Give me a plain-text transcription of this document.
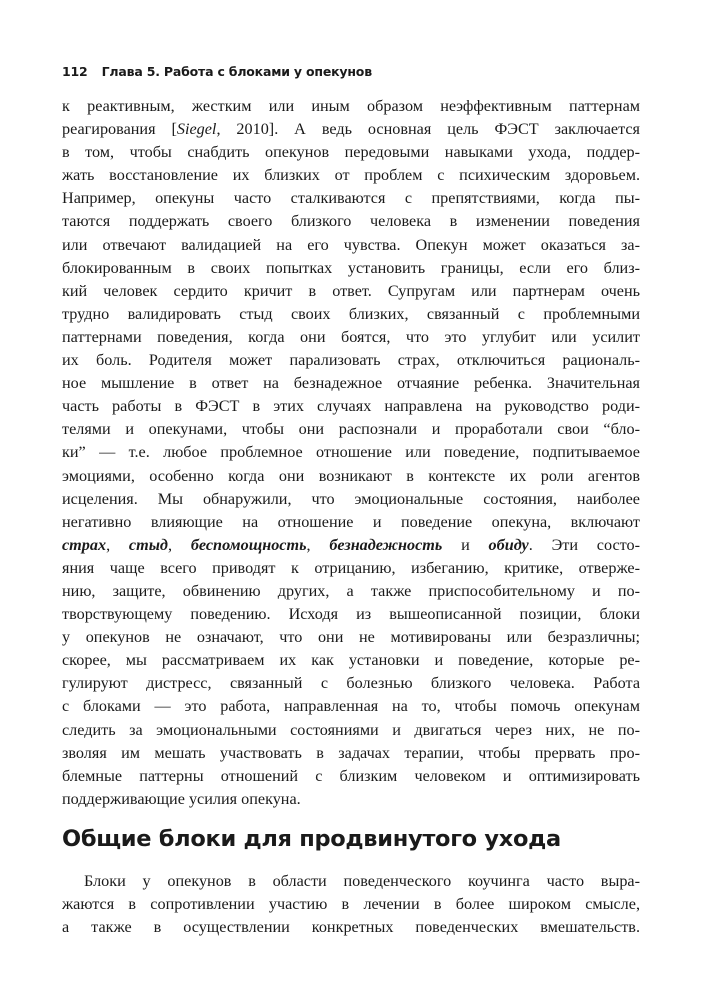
112 Глава 5. Работа с блоками у опекунов

к реактивным, жестким или иным образом неэффективным паттернам
реагирования [Siegel, 2010]. А ведь основная цель ФЭСТ заключается
в том, чтобы снабдить опекунов передовыми навыками ухода, поддер-
жать восстановление их близких от проблем с психическим здоровьем.
Например, опекуны часто сталкиваются с препятствиями, когда пы-
таются поддержать своего близкого человека в изменении поведения
или отвечают валидацией на его чувства. Опекун может оказаться за-
блокированным в своих попытках установить границы, если его близ-
кий человек сердито кричит в ответ. Супругам или партнерам очень
трудно валидировать стыд своих близких, связанный с проблемными
паттернами поведения, когда они боятся, что это углубит или усилит
их боль. Родителя может парализовать страх, отключиться рациональ-
ное мышление в ответ на безнадежное отчаяние ребенка. Значительная
часть работы в ФЭСТ в этих случаях направлена на руководство роди-
телями и опекунами, чтобы они распознали и проработали свои “бло-
ки” — т.е. любое проблемное отношение или поведение, подпитываемое
эмоциями, особенно когда они возникают в контексте их роли агентов
исцеления. Мы обнаружили, что эмоциональные состояния, наиболее
негативно влияющие на отношение и поведение опекуна, включают
страх, стыд, беспомощность, безнадежность и обиду. Эти состо-
яния чаще всего приводят к отрицанию, избеганию, критике, отверже-
нию, защите, обвинению других, а также приспособительному и по-
творствующему поведению. Исходя из вышеописанной позиции, блоки
у опекунов не означают, что они не мотивированы или безразличны;
скорее, мы рассматриваем их как установки и поведение, которые ре-
гулируют дистресс, связанный с болезнью близкого человека. Работа
с блоками — это работа, направленная на то, чтобы помочь опекунам
следить за эмоциональными состояниями и двигаться через них, не по-
зволяя им мешать участвовать в задачах терапии, чтобы прервать про-
блемные паттерны отношений с близким человеком и оптимизировать
поддерживающие усилия опекуна.

Общие блоки для продвинутого ухода

Блоки у опекунов в области поведенческого коучинга часто выра-
жаются в сопротивлении участию в лечении в более широком смысле,
а также в осуществлении конкретных поведенческих вмешательств.
